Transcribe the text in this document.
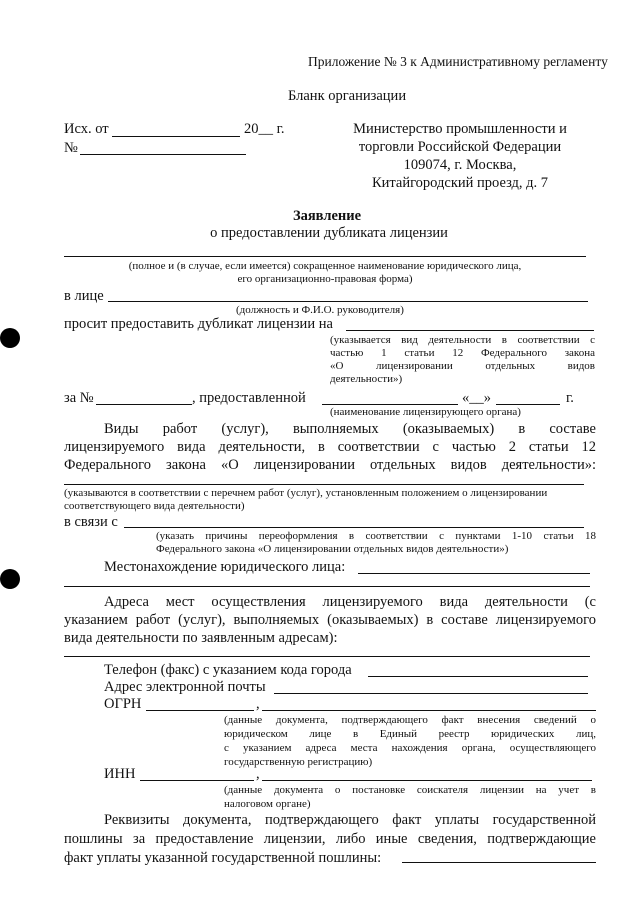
Приложение № 3 к Административному регламенту
Бланк организации
Исх. от	20__ г.
№
Министерство промышленности и
торговли Российской Федерации
109074, г. Москва,
Китайгородский проезд, д. 7
Заявление
о предоставлении дубликата лицензии
(полное и (в случае, если имеется) сокращенное наименование юридического лица,
его организационно-правовая форма)
в лице
(должность и Ф.И.О. руководителя)
просит предоставить дубликат лицензии на
(указывается вид деятельности в соответствии с
частью 1 статьи 12 Федерального закона
«О лицензировании отдельных видов
деятельности»)
за №	, предоставленной	«__»	г.
(наименование лицензирующего органа)
Виды работ (услуг), выполняемых (оказываемых) в составе
лицензируемого вида деятельности, в соответствии с частью 2 статьи 12
Федерального закона «О лицензировании отдельных видов деятельности»:
(указываются в соответствии с перечнем работ (услуг), установленным положением о лицензировании
соответствующего вида деятельности)
в связи с
(указать причины переоформления в соответствии с пунктами 1-10 статьи 18
Федерального закона «О лицензировании отдельных видов деятельности»)
Местонахождение юридического лица:
Адреса мест осуществления лицензируемого вида деятельности (с
указанием работ (услуг), выполняемых (оказываемых) в составе лицензируемого
вида деятельности по заявленным адресам):
Телефон (факс) с указанием кода города
Адрес электронной почты
ОГРН	,
(данные документа, подтверждающего факт внесения сведений о
юридическом лице в Единый реестр юридических лиц,
с указанием адреса места нахождения органа, осуществляющего
государственную регистрацию)
ИНН	,
(данные документа о постановке соискателя лицензии на учет в
налоговом органе)
Реквизиты документа, подтверждающего факт уплаты государственной
пошлины за предоставление лицензии, либо иные сведения, подтверждающие
факт уплаты указанной государственной пошлины:
